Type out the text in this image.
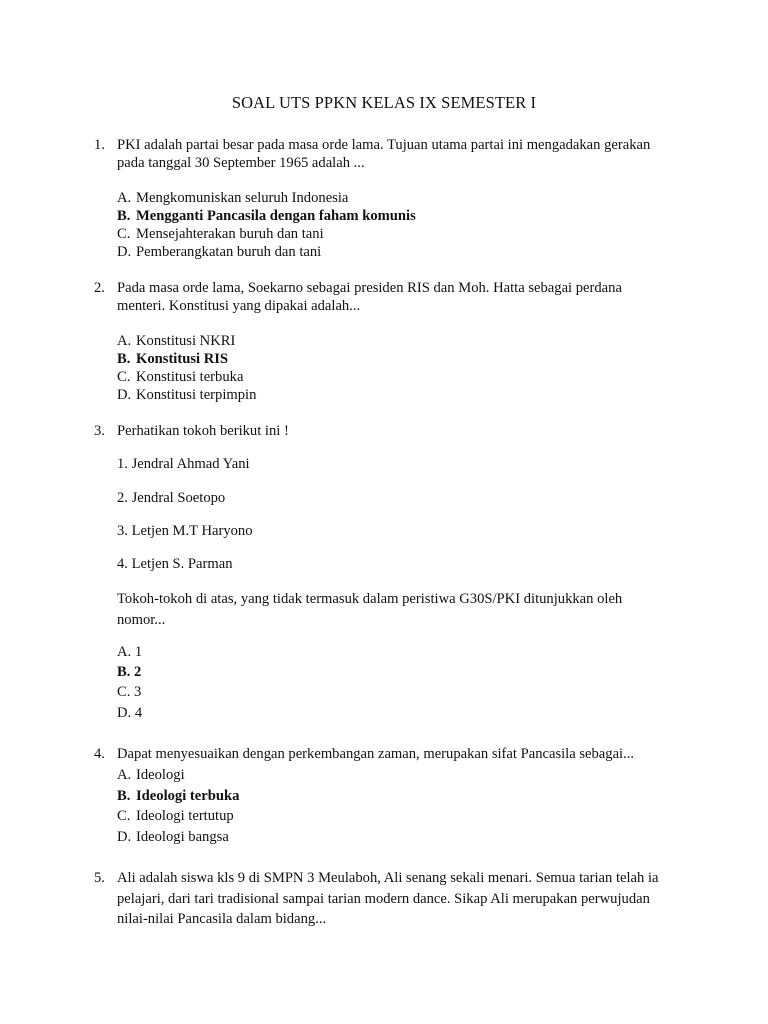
SOAL UTS PPKN KELAS IX SEMESTER I
1. PKI adalah partai besar pada masa orde lama. Tujuan utama partai ini mengadakan gerakan
pada tanggal 30 September 1965 adalah ...
A. Mengkomuniskan seluruh Indonesia
B. Mengganti Pancasila dengan faham komunis
C. Mensejahterakan buruh dan tani
D. Pemberangkatan buruh dan tani
2. Pada masa orde lama, Soekarno sebagai presiden RIS dan Moh. Hatta sebagai perdana
menteri. Konstitusi yang dipakai adalah...
A. Konstitusi NKRI
B. Konstitusi RIS
C. Konstitusi terbuka
D. Konstitusi terpimpin
3. Perhatikan tokoh berikut ini !
1. Jendral Ahmad Yani
2. Jendral Soetopo
3. Letjen M.T Haryono
4. Letjen S. Parman
Tokoh-tokoh di atas, yang tidak termasuk dalam peristiwa G30S/PKI ditunjukkan oleh
nomor...
A. 1
B. 2
C. 3
D. 4
4. Dapat menyesuaikan dengan perkembangan zaman, merupakan sifat Pancasila sebagai...
A. Ideologi
B. Ideologi terbuka
C. Ideologi tertutup
D. Ideologi bangsa
5. Ali adalah siswa kls 9 di SMPN 3 Meulaboh, Ali senang sekali menari. Semua tarian telah ia
pelajari, dari tari tradisional sampai tarian modern dance. Sikap Ali merupakan perwujudan
nilai-nilai Pancasila dalam bidang...
